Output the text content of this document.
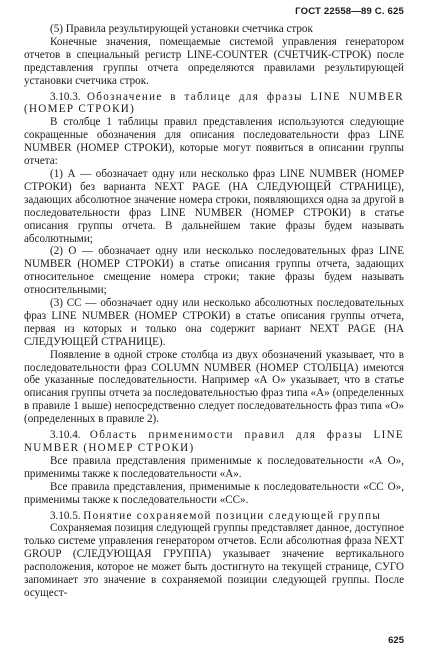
ГОСТ 22558—89 С. 625

(5) Правила результирующей установки счетчика строк

Конечные значения, помещаемые системой управления генератором отчетов в специальный регистр LINE-COUNTER (СЧЕТЧИК-СТРОК) после представления группы отчета определяются правилами результирующей установки счетчика строк.

3.10.3. Обозначение в таблице для фразы LINE NUMBER (НОМЕР СТРОКИ)

В столбце 1 таблицы правил представления используются следующие сокращенные обозначения для описания последовательности фраз LINE NUMBER (НОМЕР СТРОКИ), которые могут появиться в описании группы отчета:

(1) А — обозначает одну или несколько фраз LINE NUMBER (НОМЕР СТРОКИ) без варианта NEXT PAGE (НА СЛЕДУЮЩЕЙ СТРАНИЦЕ), задающих абсолютное значение номера строки, появляющихся одна за другой в последовательности фраз LINE NUMBER (НОМЕР СТРОКИ) в статье описания группы отчета. В дальнейшем такие фразы будем называть абсолютными;

(2) О — обозначает одну или несколько последовательных фраз LINE NUMBER (НОМЕР СТРОКИ) в статье описания группы отчета, задающих относительное смещение номера строки; такие фразы будем называть относительными;

(3) СС — обозначает одну или несколько абсолютных последовательных фраз LINE NUMBER (НОМЕР СТРОКИ) в статье описания группы отчета, первая из которых и только она содержит вариант NEXT PAGE (НА СЛЕДУЮЩЕЙ СТРАНИЦЕ).

Появление в одной строке столбца из двух обозначений указывает, что в последовательности фраз COLUMN NUMBER (НОМЕР СТОЛБЦА) имеются обе указанные последовательности. Например «А О» указывает, что в статье описания группы отчета за последовательностью фраз типа «А» (определенных в правиле 1 выше) непосредственно следует последовательность фраз типа «О» (определенных в правиле 2).

3.10.4. Область применимости правил для фразы LINE NUMBER (НОМЕР СТРОКИ)

Все правила представления применимые к последовательности «А О», применимы также к последовательности «А».

Все правила представления, применимые к последовательности «СС О», применимы также к последовательности «СС».

3.10.5. Понятие сохраняемой позиции следующей группы

Сохраняемая позиция следующей группы представляет данное, доступное только системе управления генератором отчетов. Если абсолютная фраза NEXT GROUP (СЛЕДУЮЩАЯ ГРУППА) указывает значение вертикального расположения, которое не может быть достигнуто на текущей странице, СУГО запоминает это значение в сохраняемой позиции следующей группы. После осущест-

625
